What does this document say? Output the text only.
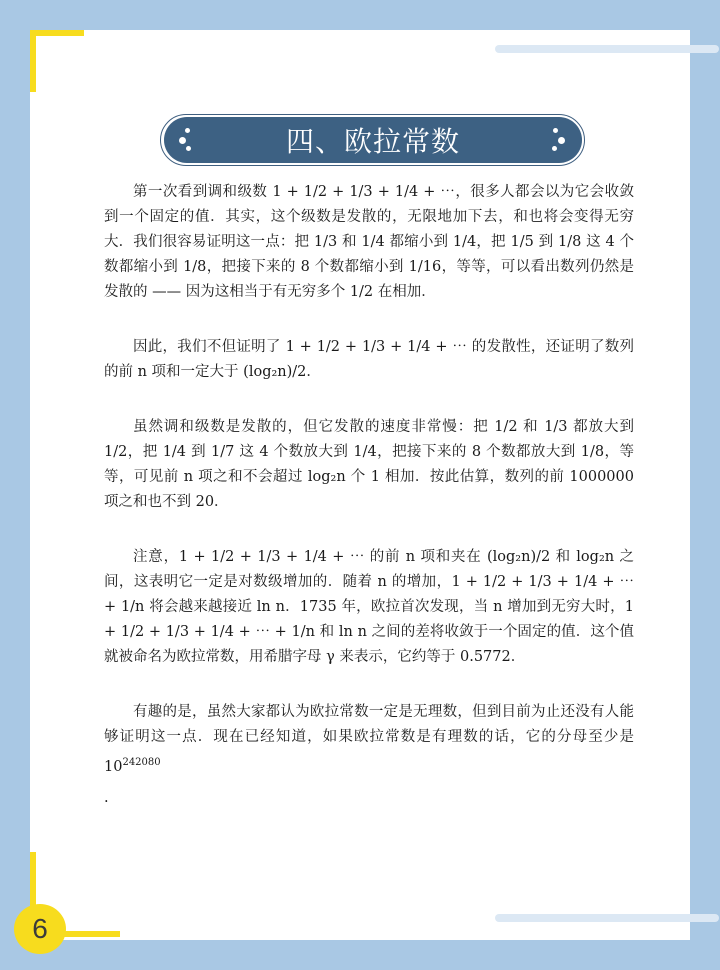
四、欧拉常数

第一次看到调和级数 1 + 1/2 + 1/3 + 1/4 + ⋯，很多人都会以为它会收敛到一个固定的值．其实，这个级数是发散的，无限地加下去，和也将会变得无穷大．我们很容易证明这一点：把 1/3 和 1/4 都缩小到 1/4，把 1/5 到 1/8 这 4 个数都缩小到 1/8，把接下来的 8 个数都缩小到 1/16，等等，可以看出数列仍然是发散的 —— 因为这相当于有无穷多个 1/2 在相加．

因此，我们不但证明了 1 + 1/2 + 1/3 + 1/4 + ⋯ 的发散性，还证明了数列的前 n 项和一定大于 (log₂n)/2．

虽然调和级数是发散的，但它发散的速度非常慢：把 1/2 和 1/3 都放大到 1/2，把 1/4 到 1/7 这 4 个数放大到 1/4，把接下来的 8 个数都放大到 1/8，等等，可见前 n 项之和不会超过 log₂n 个 1 相加．按此估算，数列的前 1000000 项之和也不到 20．

注意，1 + 1/2 + 1/3 + 1/4 + ⋯ 的前 n 项和夹在 (log₂n)/2 和 log₂n 之间，这表明它一定是对数级增加的．随着 n 的增加，1 + 1/2 + 1/3 + 1/4 + ⋯ + 1/n 将会越来越接近 ln n．1735 年，欧拉首次发现，当 n 增加到无穷大时，1 + 1/2 + 1/3 + 1/4 + ⋯ + 1/n 和 ln n 之间的差将收敛于一个固定的值．这个值就被命名为欧拉常数，用希腊字母 γ 来表示，它约等于 0.5772．

有趣的是，虽然大家都认为欧拉常数一定是无理数，但到目前为止还没有人能够证明这一点．现在已经知道，如果欧拉常数是有理数的话，它的分母至少是 $10^{242080}$

.
6
